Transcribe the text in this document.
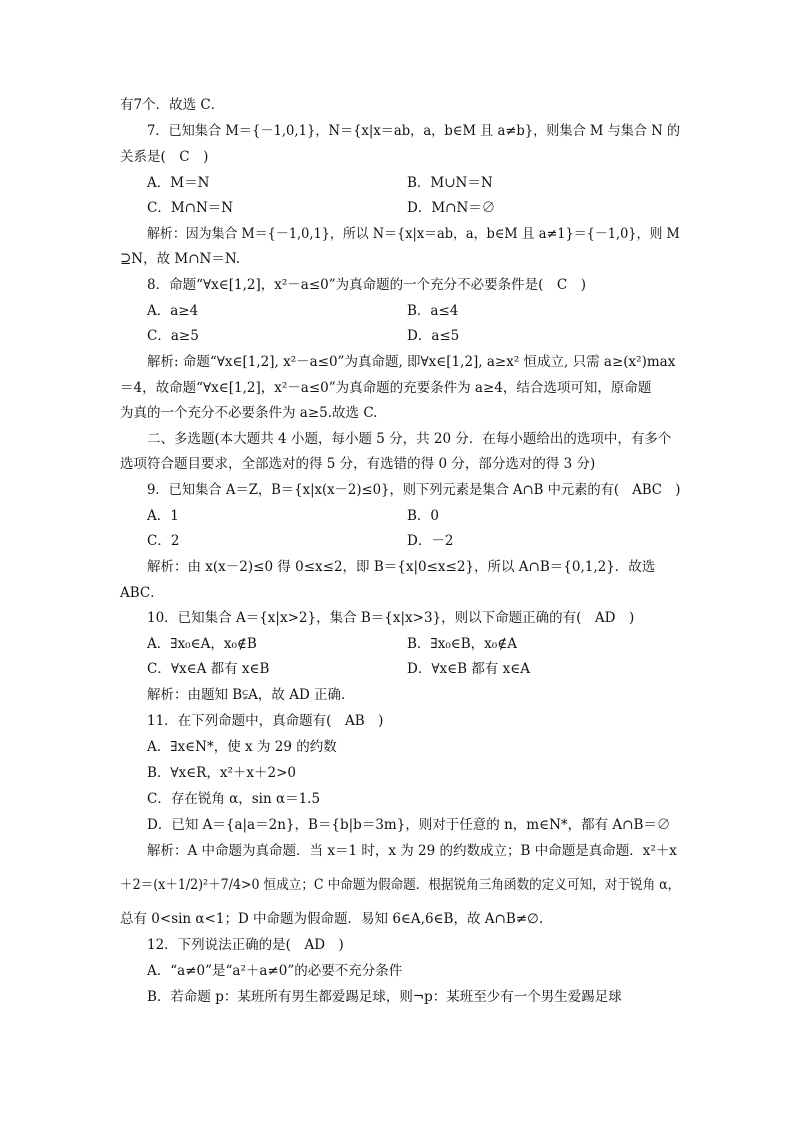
有7个．故选 C．
7．已知集合 M＝{－1,0,1}，N＝{x|x＝ab，a，b∈M 且 a≠b}，则集合 M 与集合 N 的
关系是(　C　)
A．M＝N	B．M∪N＝N
C．M∩N＝N	D．M∩N＝∅
解析：因为集合 M＝{－1,0,1}，所以 N＝{x|x＝ab，a，b∈M 且 a≠1}＝{－1,0}，则 M
⊇N，故 M∩N＝N.
8．命题“∀x∈[1,2]，x²－a≤0”为真命题的一个充分不必要条件是(　C　)
A．a≥4	B．a≤4
C．a≥5	D．a≤5
解析: 命题“∀x∈[1,2], x²－a≤0”为真命题, 即∀x∈[1,2], a≥x² 恒成立, 只需 a≥(x²)max
＝4，故命题“∀x∈[1,2]，x²－a≤0”为真命题的充要条件为 a≥4，结合选项可知，原命题
为真的一个充分不必要条件为 a≥5.故选 C.
二、多选题(本大题共 4 小题，每小题 5 分，共 20 分．在每小题给出的选项中，有多个
选项符合题目要求，全部选对的得 5 分，有选错的得 0 分，部分选对的得 3 分)
9．已知集合 A＝Z，B＝{x|x(x－2)≤0}，则下列元素是集合 A∩B 中元素的有(　ABC　)
A．1	B．0
C．2	D．－2
解析：由 x(x－2)≤0 得 0≤x≤2，即 B＝{x|0≤x≤2}，所以 A∩B＝{0,1,2}．故选
ABC．
10．已知集合 A＝{x|x>2}，集合 B＝{x|x>3}，则以下命题正确的有(　AD　)
A．∃x₀∈A，x₀∉B	B．∃x₀∈B，x₀∉A
C．∀x∈A 都有 x∈B	D．∀x∈B 都有 x∈A
解析：由题知 B⫋A，故 AD 正确．
11．在下列命题中，真命题有(　AB　)
A．∃x∈N*，使 x 为 29 的约数
B．∀x∈R，x²＋x＋2>0
C．存在锐角 α，sin α＝1.5
D．已知 A＝{a|a＝2n}，B＝{b|b＝3m}，则对于任意的 n，m∈N*，都有 A∩B＝∅
解析：A 中命题为真命题．当 x＝1 时，x 为 29 的约数成立；B 中命题是真命题．x²＋x
＋2＝(x＋1/2)²＋7/4>0 恒成立；C 中命题为假命题．根据锐角三角函数的定义可知，对于锐角 α，
总有 0<sin α<1；D 中命题为假命题．易知 6∈A,6∈B，故 A∩B≠∅.
12．下列说法正确的是(　AD　)
A．“a≠0”是“a²＋a≠0”的必要不充分条件
B．若命题 p：某班所有男生都爱踢足球，则¬p：某班至少有一个男生爱踢足球
